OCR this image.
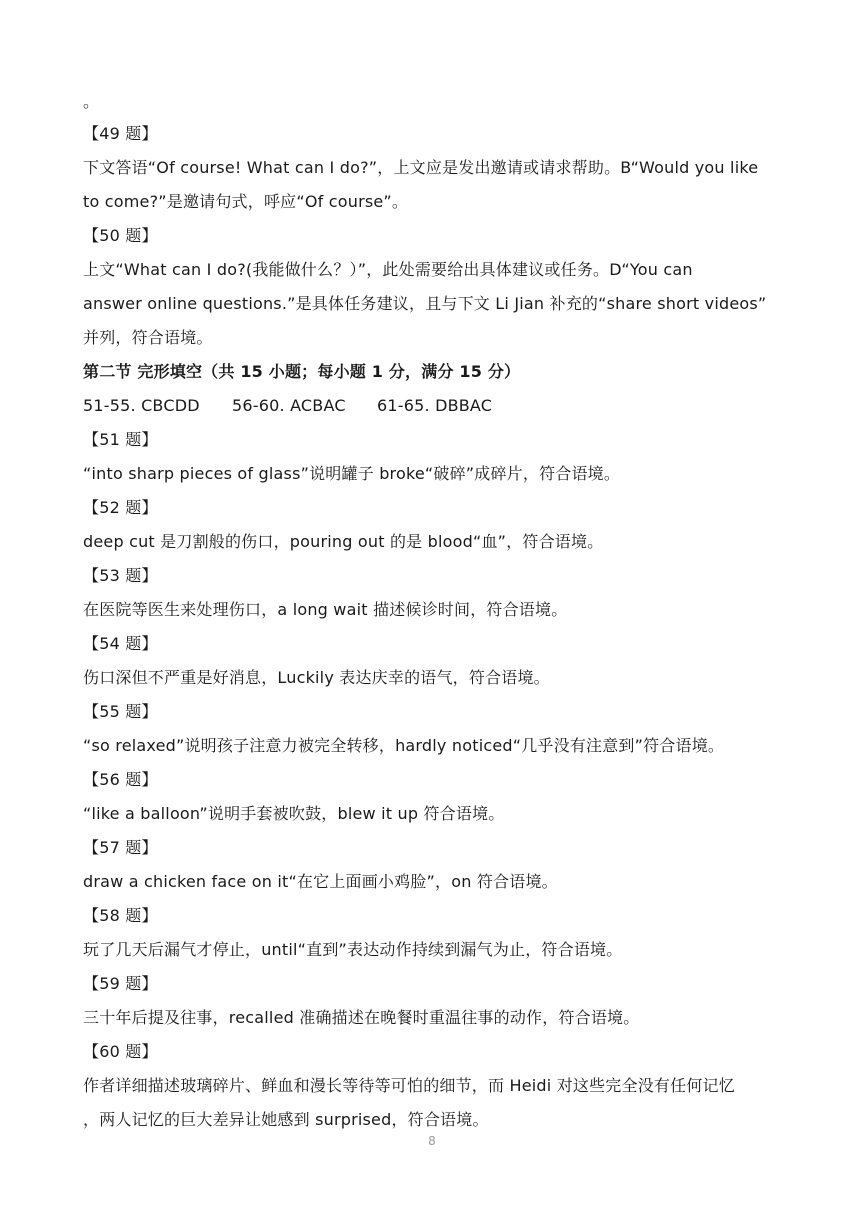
。
【49 题】
下文答语“Of course! What can I do?”，上文应是发出邀请或请求帮助。B“Would you like
to come?”是邀请句式，呼应“Of course”。
【50 题】
上文“What can I do?(我能做什么？）”，此处需要给出具体建议或任务。D“You can
answer online questions.”是具体任务建议，且与下文 Li Jian 补充的“share short videos”
并列，符合语境。
第二节 完形填空（共 15 小题；每小题 1 分，满分 15 分）
51-55. CBCDD 56-60. ACBAC 61-65. DBBAC
【51 题】
“into sharp pieces of glass”说明罐子 broke“破碎”成碎片，符合语境。
【52 题】
deep cut 是刀割般的伤口，pouring out 的是 blood“血”，符合语境。
【53 题】
在医院等医生来处理伤口，a long wait 描述候诊时间，符合语境。
【54 题】
伤口深但不严重是好消息，Luckily 表达庆幸的语气，符合语境。
【55 题】
“so relaxed”说明孩子注意力被完全转移，hardly noticed“几乎没有注意到”符合语境。
【56 题】
“like a balloon”说明手套被吹鼓，blew it up 符合语境。
【57 题】
draw a chicken face on it“在它上面画小鸡脸”，on 符合语境。
【58 题】
玩了几天后漏气才停止，until“直到”表达动作持续到漏气为止，符合语境。
【59 题】
三十年后提及往事，recalled 准确描述在晚餐时重温往事的动作，符合语境。
【60 题】
作者详细描述玻璃碎片、鲜血和漫长等待等可怕的细节，而 Heidi 对这些完全没有任何记忆
，两人记忆的巨大差异让她感到 surprised，符合语境。
8
